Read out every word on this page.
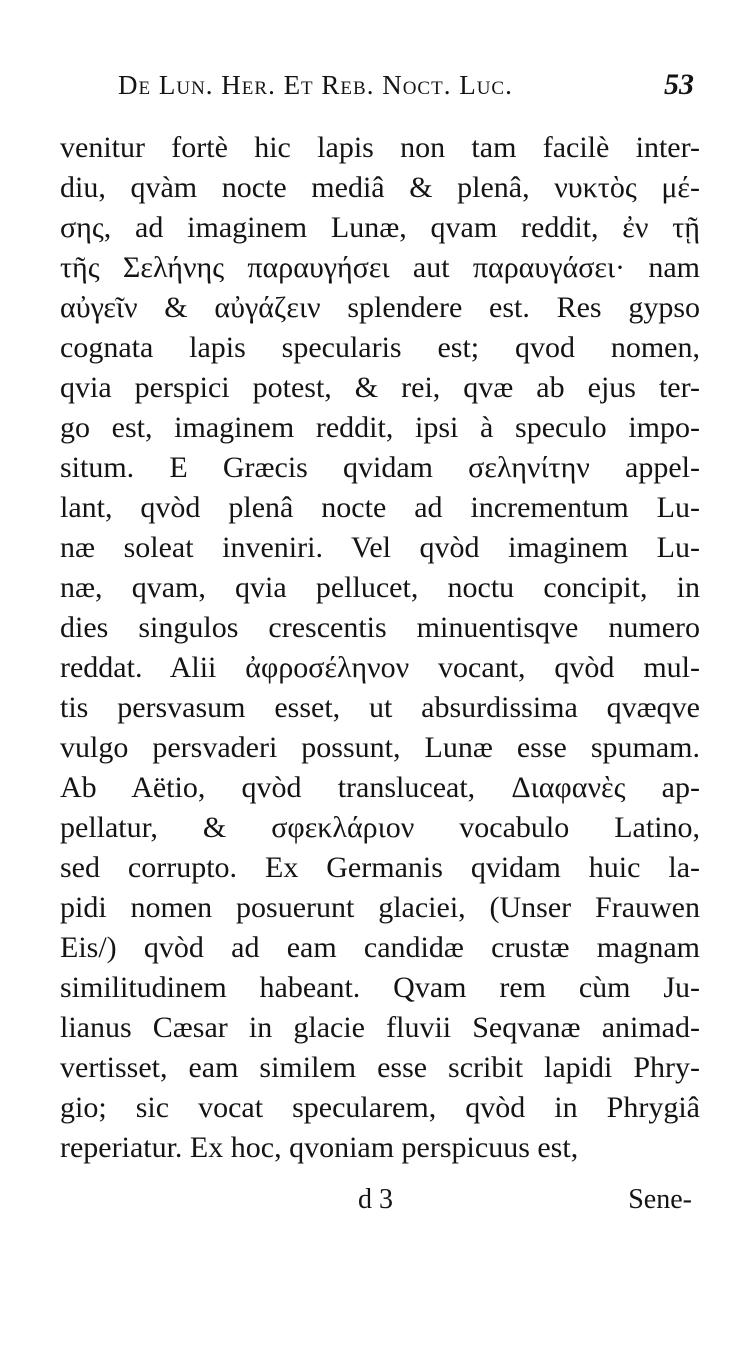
De Lun. Her. Et Reb. Noct. Luc.	53
venitur fortè hic lapis non tam facilè inter-
diu, qvàm nocte mediâ & plenâ, νυκτὸς μέ-
σης, ad imaginem Lunæ, qvam reddit, ἐν τῇ
τῆς Σελήνης παραυγήσει aut παραυγάσει· nam
αὐγεῖν & αὐγάζειν splendere est. Res gypso
cognata lapis specularis est; qvod nomen,
qvia perspici potest, & rei, qvæ ab ejus ter-
go est, imaginem reddit, ipsi à speculo impo-
situm. E Græcis qvidam σεληνίτην appel-
lant, qvòd plenâ nocte ad incrementum Lu-
næ soleat inveniri. Vel qvòd imaginem Lu-
næ, qvam, qvia pellucet, noctu concipit, in
dies singulos crescentis minuentisqve numero
reddat. Alii ἀφροσέληνον vocant, qvòd mul-
tis persvasum esset, ut absurdissima qvæqve
vulgo persvaderi possunt, Lunæ esse spumam.
Ab Aëtio, qvòd transluceat, Διαφανὲς ap-
pellatur, & σφεκλάριον vocabulo Latino,
sed corrupto. Ex Germanis qvidam huic la-
pidi nomen posuerunt glaciei, (Unser Frauwen
Eis/) qvòd ad eam candidæ crustæ magnam
similitudinem habeant. Qvam rem cùm Ju-
lianus Cæsar in glacie fluvii Seqvanæ animad-
vertisset, eam similem esse scribit lapidi Phry-
gio; sic vocat specularem, qvòd in Phrygiâ
reperiatur. Ex hoc, qvoniam perspicuus est,
d 3	Sene-
